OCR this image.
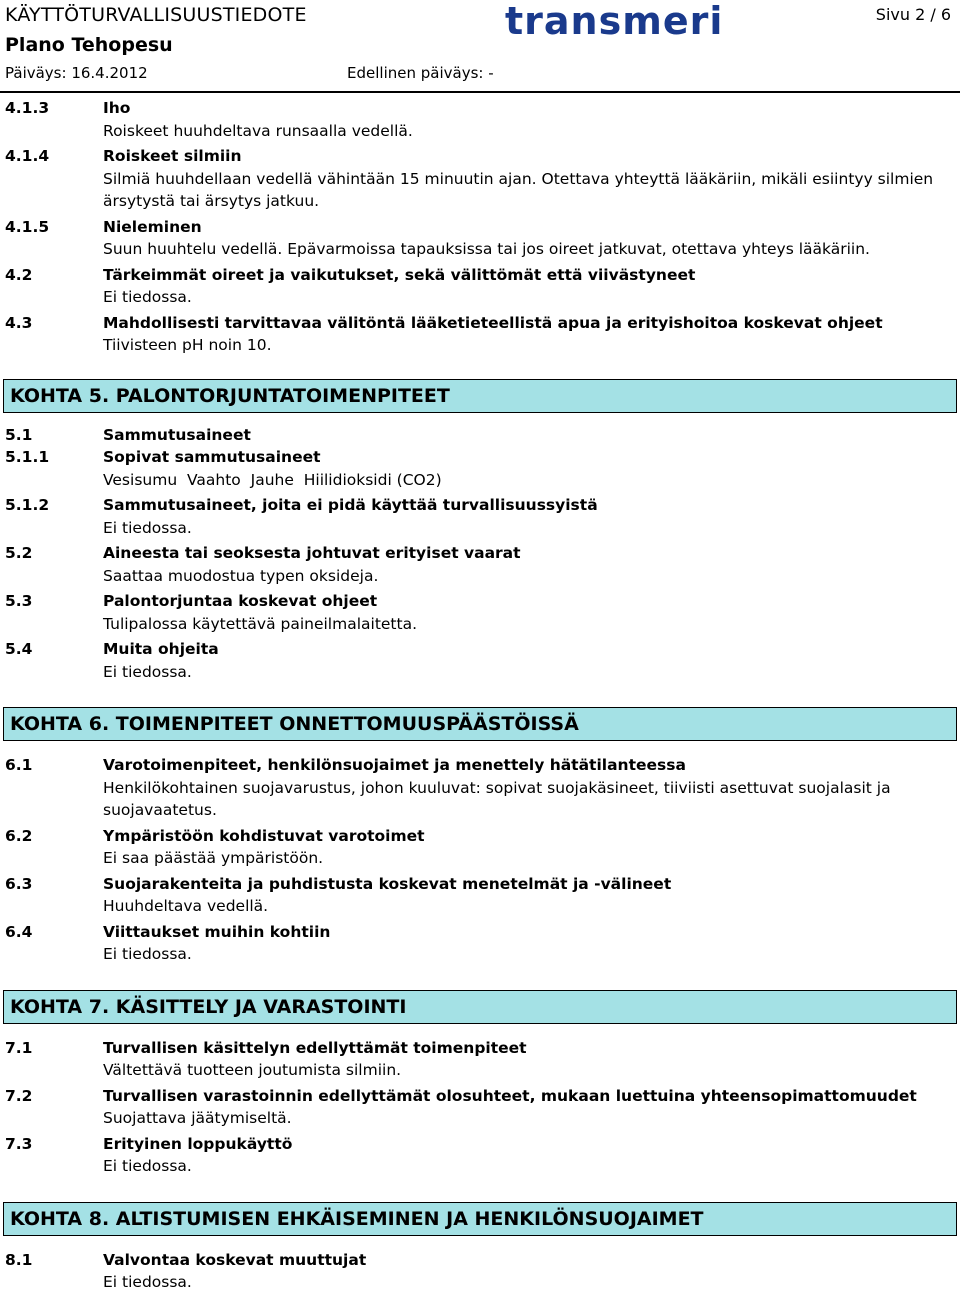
KÄYTTÖTURVALLISUUSTIEDOTE
Plano Tehopesu
Päiväys: 16.4.2012	Edellinen päiväys: -
Sivu 2 / 6
transmeri
4.1.3	Iho
Roiskeet huuhdeltava runsaalla vedellä.
4.1.4	Roiskeet silmiin
Silmiä huuhdellaan vedellä vähintään 15 minuutin ajan. Otettava yhteyttä lääkäriin, mikäli esiintyy silmien ärsytystä tai ärsytys jatkuu.
4.1.5	Nieleminen
Suun huuhtelu vedellä. Epävarmoissa tapauksissa tai jos oireet jatkuvat, otettava yhteys lääkäriin.
4.2	Tärkeimmät oireet ja vaikutukset, sekä välittömät että viivästyneet
Ei tiedossa.
4.3	Mahdollisesti tarvittavaa välitöntä lääketieteellistä apua ja erityishoitoa koskevat ohjeet
Tiivisteen pH noin 10.
KOHTA 5. PALONTORJUNTATOIMENPITEET
5.1	Sammutusaineet
5.1.1	Sopivat sammutusaineet
Vesisumu  Vaahto  Jauhe  Hiilidioksidi (CO2)
5.1.2	Sammutusaineet, joita ei pidä käyttää turvallisuussyistä
Ei tiedossa.
5.2	Aineesta tai seoksesta johtuvat erityiset vaarat
Saattaa muodostua typen oksideja.
5.3	Palontorjuntaa koskevat ohjeet
Tulipalossa käytettävä paineilmalaitetta.
5.4	Muita ohjeita
Ei tiedossa.
KOHTA 6. TOIMENPITEET ONNETTOMUUSPÄÄSTÖISSÄ
6.1	Varotoimenpiteet, henkilönsuojaimet ja menettely hätätilanteessa
Henkilökohtainen suojavarustus, johon kuuluvat: sopivat suojakäsineet, tiiviisti asettuvat suojalasit ja suojavaatetus.
6.2	Ympäristöön kohdistuvat varotoimet
Ei saa päästää ympäristöön.
6.3	Suojarakenteita ja puhdistusta koskevat menetelmät ja -välineet
Huuhdeltava vedellä.
6.4	Viittaukset muihin kohtiin
Ei tiedossa.
KOHTA 7. KÄSITTELY JA VARASTOINTI
7.1	Turvallisen käsittelyn edellyttämät toimenpiteet
Vältettävä tuotteen joutumista silmiin.
7.2	Turvallisen varastoinnin edellyttämät olosuhteet, mukaan luettuina yhteensopimattomuudet
Suojattava jäätymiseltä.
7.3	Erityinen loppukäyttö
Ei tiedossa.
KOHTA 8. ALTISTUMISEN EHKÄISEMINEN JA HENKILÖNSUOJAIMET
8.1	Valvontaa koskevat muuttujat
Ei tiedossa.
